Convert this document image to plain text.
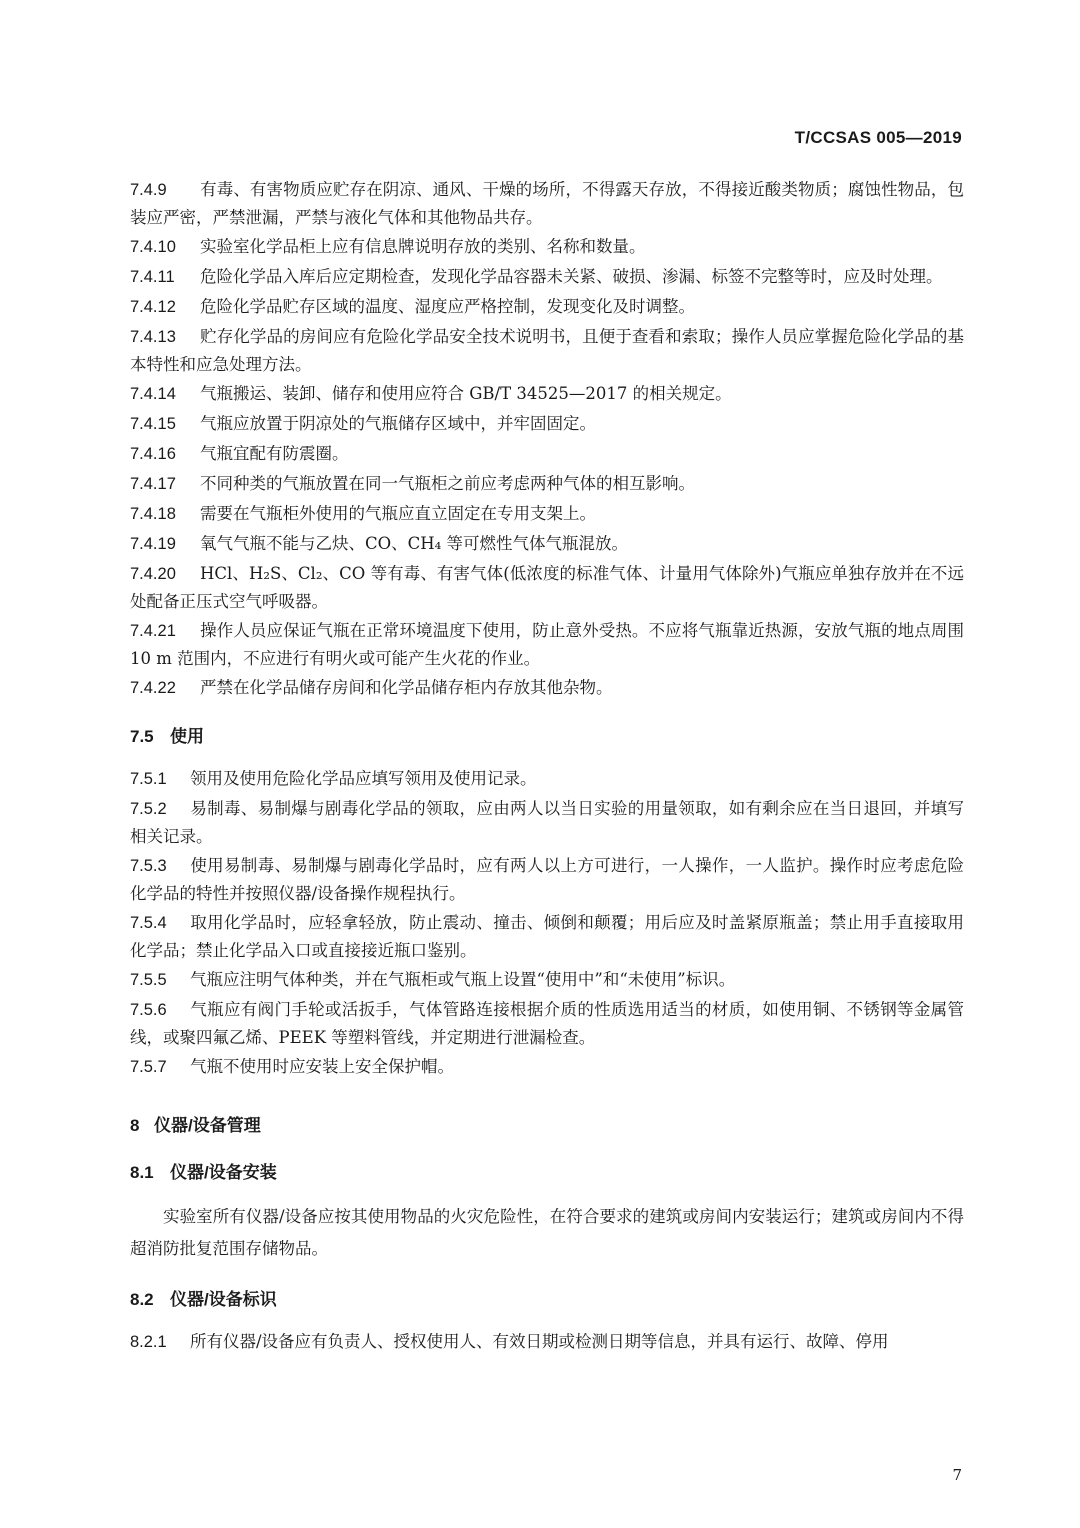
T/CCSAS 005—2019

7.4.9 有毒、有害物质应贮存在阴凉、通风、干燥的场所，不得露天存放，不得接近酸类物质；腐蚀性物品，包装应严密，严禁泄漏，严禁与液化气体和其他物品共存。

7.4.10 实验室化学品柜上应有信息牌说明存放的类别、名称和数量。

7.4.11 危险化学品入库后应定期检查，发现化学品容器未关紧、破损、渗漏、标签不完整等时，应及时处理。

7.4.12 危险化学品贮存区域的温度、湿度应严格控制，发现变化及时调整。

7.4.13 贮存化学品的房间应有危险化学品安全技术说明书，且便于查看和索取；操作人员应掌握危险化学品的基本特性和应急处理方法。

7.4.14 气瓶搬运、装卸、储存和使用应符合 GB/T 34525—2017 的相关规定。

7.4.15 气瓶应放置于阴凉处的气瓶储存区域中，并牢固固定。

7.4.16 气瓶宜配有防震圈。

7.4.17 不同种类的气瓶放置在同一气瓶柜之前应考虑两种气体的相互影响。

7.4.18 需要在气瓶柜外使用的气瓶应直立固定在专用支架上。

7.4.19 氧气气瓶不能与乙炔、CO、CH₄ 等可燃性气体气瓶混放。

7.4.20 HCl、H₂S、Cl₂、CO 等有毒、有害气体(低浓度的标准气体、计量用气体除外)气瓶应单独存放并在不远处配备正压式空气呼吸器。

7.4.21 操作人员应保证气瓶在正常环境温度下使用，防止意外受热。不应将气瓶靠近热源，安放气瓶的地点周围 10 m 范围内，不应进行有明火或可能产生火花的作业。

7.4.22 严禁在化学品储存房间和化学品储存柜内存放其他杂物。

7.5 使用

7.5.1 领用及使用危险化学品应填写领用及使用记录。

7.5.2 易制毒、易制爆与剧毒化学品的领取，应由两人以当日实验的用量领取，如有剩余应在当日退回，并填写相关记录。

7.5.3 使用易制毒、易制爆与剧毒化学品时，应有两人以上方可进行，一人操作，一人监护。操作时应考虑危险化学品的特性并按照仪器/设备操作规程执行。

7.5.4 取用化学品时，应轻拿轻放，防止震动、撞击、倾倒和颠覆；用后应及时盖紧原瓶盖；禁止用手直接取用化学品；禁止化学品入口或直接接近瓶口鉴别。

7.5.5 气瓶应注明气体种类，并在气瓶柜或气瓶上设置“使用中”和“未使用”标识。

7.5.6 气瓶应有阀门手轮或活扳手，气体管路连接根据介质的性质选用适当的材质，如使用铜、不锈钢等金属管线，或聚四氟乙烯、PEEK 等塑料管线，并定期进行泄漏检查。

7.5.7 气瓶不使用时应安装上安全保护帽。

8 仪器/设备管理
8.1 仪器/设备安装

实验室所有仪器/设备应按其使用物品的火灾危险性，在符合要求的建筑或房间内安装运行；建筑或房间内不得超消防批复范围存储物品。

8.2 仪器/设备标识

8.2.1 所有仪器/设备应有负责人、授权使用人、有效日期或检测日期等信息，并具有运行、故障、停用

7
